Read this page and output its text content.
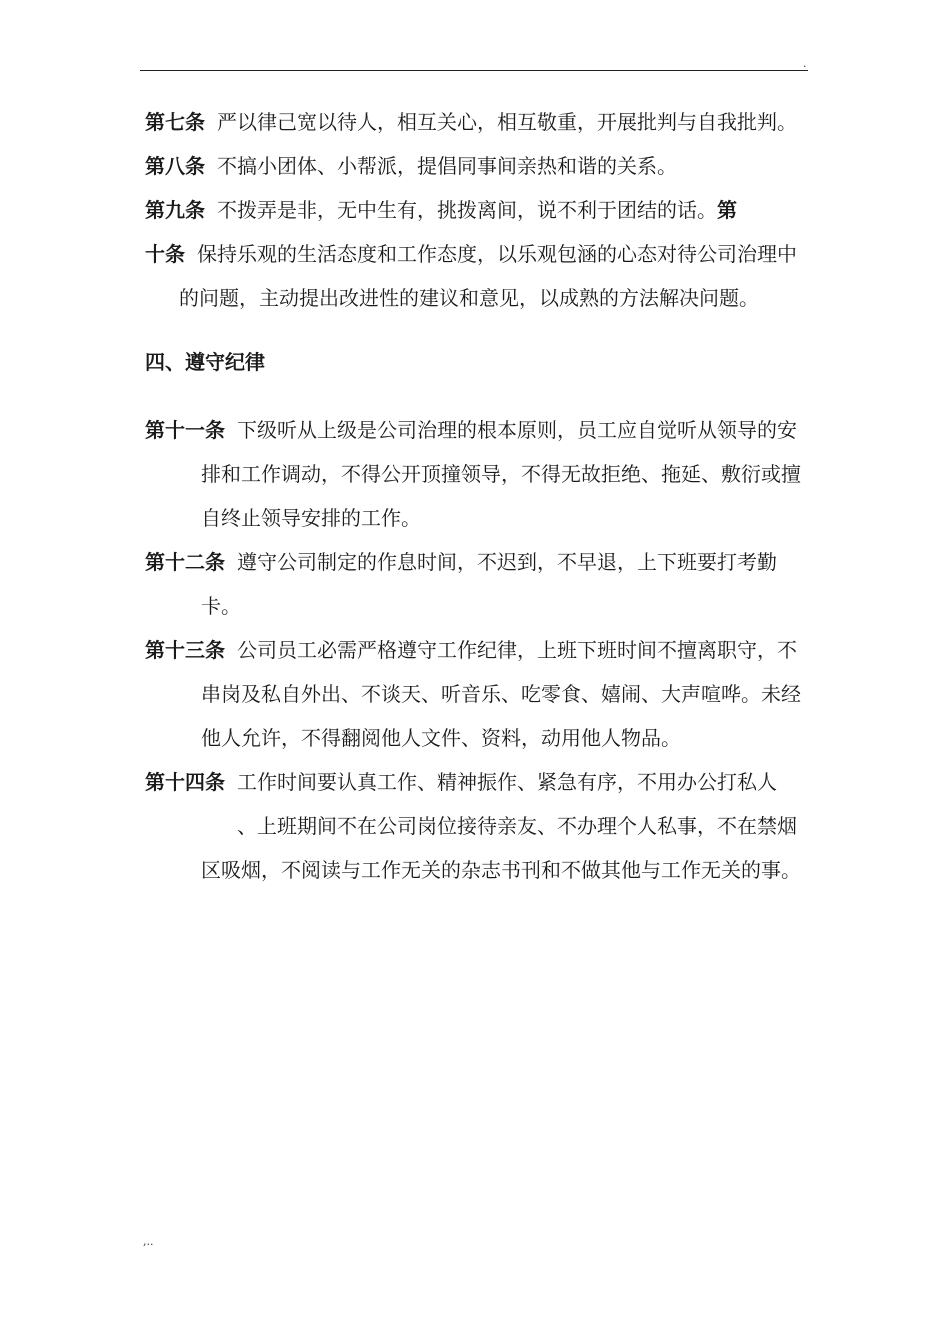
.

第七条 严以律己宽以待人，相互关心，相互敬重，开展批判与自我批判。

第八条 不搞小团体、小帮派，提倡同事间亲热和谐的关系。

第九条 不拨弄是非，无中生有，挑拨离间，说不利于团结的话。第

十条 保持乐观的生活态度和工作态度，以乐观包涵的心态对待公司治理中的问题，主动提出改进性的建议和意见，以成熟的方法解决问题。

四、遵守纪律

第十一条 下级听从上级是公司治理的根本原则，员工应自觉听从领导的安排和工作调动，不得公开顶撞领导，不得无故拒绝、拖延、敷衍或擅自终止领导安排的工作。

第十二条 遵守公司制定的作息时间，不迟到，不早退，上下班要打考勤卡。

第十三条 公司员工必需严格遵守工作纪律，上班下班时间不擅离职守，不串岗及私自外出、不谈天、听音乐、吃零食、嬉闹、大声喧哗。未经他人允许，不得翻阅他人文件、资料，动用他人物品。

第十四条 工作时间要认真工作、精神振作、紧急有序，不用办公打私人、上班期间不在公司岗位接待亲友、不办理个人私事，不在禁烟区吸烟，不阅读与工作无关的杂志书刊和不做其他与工作无关的事。

,..
